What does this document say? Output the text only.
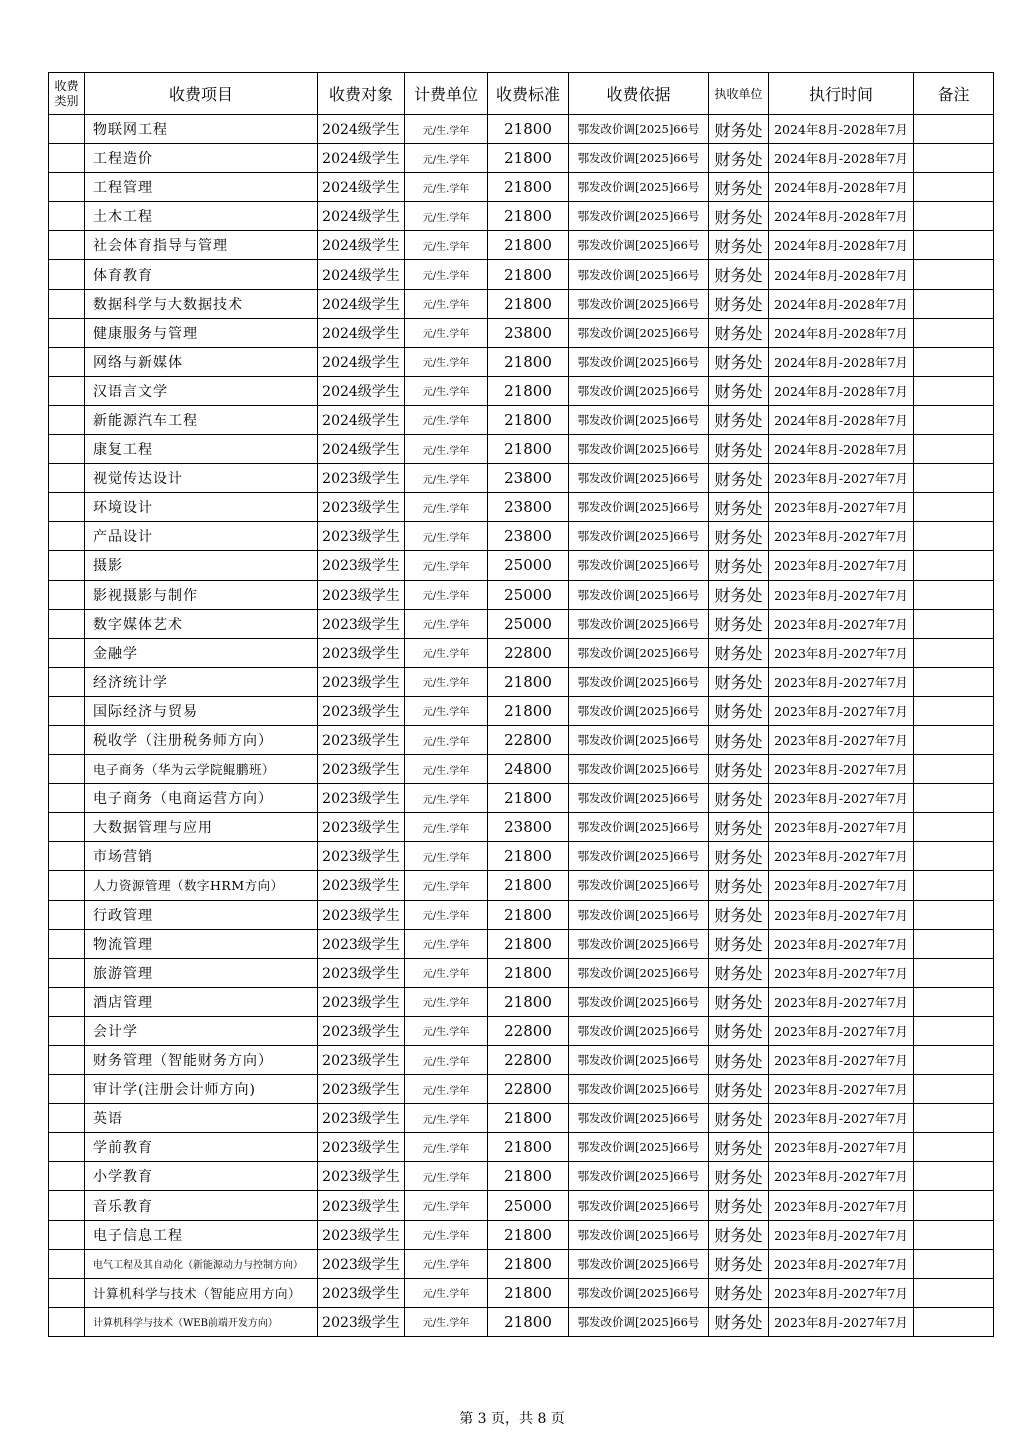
收费类别	收费项目	收费对象	计费单位	收费标准	收费依据	执收单位	执行时间	备注
	物联网工程	2024级学生	元/生.学年	21800	鄂发改价调[2025]66号	财务处	2024年8月-2028年7月	
	工程造价	2024级学生	元/生.学年	21800	鄂发改价调[2025]66号	财务处	2024年8月-2028年7月	
	工程管理	2024级学生	元/生.学年	21800	鄂发改价调[2025]66号	财务处	2024年8月-2028年7月	
	土木工程	2024级学生	元/生.学年	21800	鄂发改价调[2025]66号	财务处	2024年8月-2028年7月	
	社会体育指导与管理	2024级学生	元/生.学年	21800	鄂发改价调[2025]66号	财务处	2024年8月-2028年7月	
	体育教育	2024级学生	元/生.学年	21800	鄂发改价调[2025]66号	财务处	2024年8月-2028年7月	
	数据科学与大数据技术	2024级学生	元/生.学年	21800	鄂发改价调[2025]66号	财务处	2024年8月-2028年7月	
	健康服务与管理	2024级学生	元/生.学年	23800	鄂发改价调[2025]66号	财务处	2024年8月-2028年7月	
	网络与新媒体	2024级学生	元/生.学年	21800	鄂发改价调[2025]66号	财务处	2024年8月-2028年7月	
	汉语言文学	2024级学生	元/生.学年	21800	鄂发改价调[2025]66号	财务处	2024年8月-2028年7月	
	新能源汽车工程	2024级学生	元/生.学年	21800	鄂发改价调[2025]66号	财务处	2024年8月-2028年7月	
	康复工程	2024级学生	元/生.学年	21800	鄂发改价调[2025]66号	财务处	2024年8月-2028年7月	
	视觉传达设计	2023级学生	元/生.学年	23800	鄂发改价调[2025]66号	财务处	2023年8月-2027年7月	
	环境设计	2023级学生	元/生.学年	23800	鄂发改价调[2025]66号	财务处	2023年8月-2027年7月	
	产品设计	2023级学生	元/生.学年	23800	鄂发改价调[2025]66号	财务处	2023年8月-2027年7月	
	摄影	2023级学生	元/生.学年	25000	鄂发改价调[2025]66号	财务处	2023年8月-2027年7月	
	影视摄影与制作	2023级学生	元/生.学年	25000	鄂发改价调[2025]66号	财务处	2023年8月-2027年7月	
	数字媒体艺术	2023级学生	元/生.学年	25000	鄂发改价调[2025]66号	财务处	2023年8月-2027年7月	
	金融学	2023级学生	元/生.学年	22800	鄂发改价调[2025]66号	财务处	2023年8月-2027年7月	
	经济统计学	2023级学生	元/生.学年	21800	鄂发改价调[2025]66号	财务处	2023年8月-2027年7月	
	国际经济与贸易	2023级学生	元/生.学年	21800	鄂发改价调[2025]66号	财务处	2023年8月-2027年7月	
	税收学（注册税务师方向）	2023级学生	元/生.学年	22800	鄂发改价调[2025]66号	财务处	2023年8月-2027年7月	
	电子商务（华为云学院鲲鹏班）	2023级学生	元/生.学年	24800	鄂发改价调[2025]66号	财务处	2023年8月-2027年7月	
	电子商务（电商运营方向）	2023级学生	元/生.学年	21800	鄂发改价调[2025]66号	财务处	2023年8月-2027年7月	
	大数据管理与应用	2023级学生	元/生.学年	23800	鄂发改价调[2025]66号	财务处	2023年8月-2027年7月	
	市场营销	2023级学生	元/生.学年	21800	鄂发改价调[2025]66号	财务处	2023年8月-2027年7月	
	人力资源管理（数字HRM方向）	2023级学生	元/生.学年	21800	鄂发改价调[2025]66号	财务处	2023年8月-2027年7月	
	行政管理	2023级学生	元/生.学年	21800	鄂发改价调[2025]66号	财务处	2023年8月-2027年7月	
	物流管理	2023级学生	元/生.学年	21800	鄂发改价调[2025]66号	财务处	2023年8月-2027年7月	
	旅游管理	2023级学生	元/生.学年	21800	鄂发改价调[2025]66号	财务处	2023年8月-2027年7月	
	酒店管理	2023级学生	元/生.学年	21800	鄂发改价调[2025]66号	财务处	2023年8月-2027年7月	
	会计学	2023级学生	元/生.学年	22800	鄂发改价调[2025]66号	财务处	2023年8月-2027年7月	
	财务管理（智能财务方向）	2023级学生	元/生.学年	22800	鄂发改价调[2025]66号	财务处	2023年8月-2027年7月	
	审计学(注册会计师方向)	2023级学生	元/生.学年	22800	鄂发改价调[2025]66号	财务处	2023年8月-2027年7月	
	英语	2023级学生	元/生.学年	21800	鄂发改价调[2025]66号	财务处	2023年8月-2027年7月	
	学前教育	2023级学生	元/生.学年	21800	鄂发改价调[2025]66号	财务处	2023年8月-2027年7月	
	小学教育	2023级学生	元/生.学年	21800	鄂发改价调[2025]66号	财务处	2023年8月-2027年7月	
	音乐教育	2023级学生	元/生.学年	25000	鄂发改价调[2025]66号	财务处	2023年8月-2027年7月	
	电子信息工程	2023级学生	元/生.学年	21800	鄂发改价调[2025]66号	财务处	2023年8月-2027年7月	
	电气工程及其自动化（新能源动力与控制方向）	2023级学生	元/生.学年	21800	鄂发改价调[2025]66号	财务处	2023年8月-2027年7月	
	计算机科学与技术（智能应用方向）	2023级学生	元/生.学年	21800	鄂发改价调[2025]66号	财务处	2023年8月-2027年7月	
	计算机科学与技术（WEB前端开发方向）	2023级学生	元/生.学年	21800	鄂发改价调[2025]66号	财务处	2023年8月-2027年7月	
第 3 页，共 8 页
